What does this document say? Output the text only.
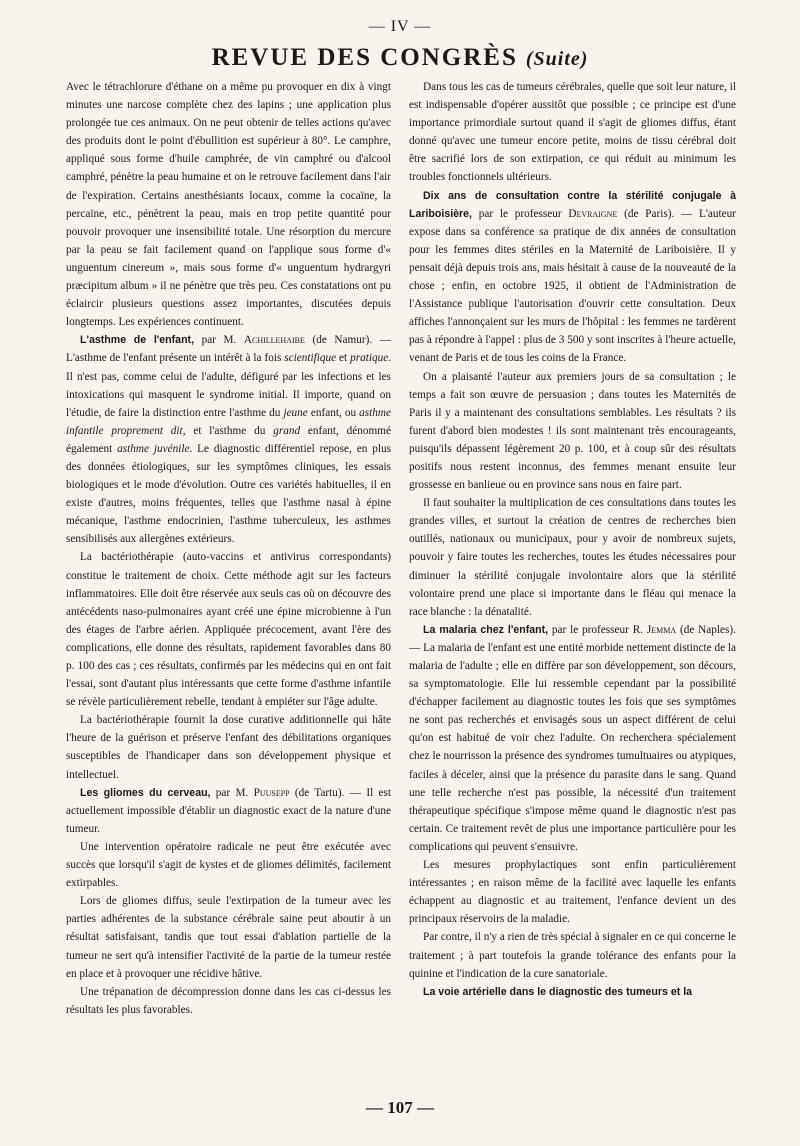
— IV —
REVUE DES CONGRÈS (Suite)

Avec le tétrachlorure d'éthane on a même pu provoquer en dix à vingt minutes une narcose complète chez des lapins ; une application plus prolongée tue ces animaux. On ne peut obtenir de telles actions qu'avec des produits dont le point d'ébullition est supérieur à 80°. Le camphre, appliqué sous forme d'huile camphrée, de vin camphré ou d'alcool camphré, pénètre la peau humaine et on le retrouve facilement dans l'air de l'expiration. Certains anesthésiants locaux, comme la cocaïne, la percaïne, etc., pénètrent la peau, mais en trop petite quantité pour pouvoir provoquer une insensibilité totale. Une résorption du mercure par la peau se fait facilement quand on l'applique sous forme d'« unguentum cinereum », mais sous forme d'« unguentum hydrargyri præcipitum album » il ne pénètre que très peu. Ces constatations ont pu éclaircir plusieurs questions assez importantes, discutées depuis longtemps. Les expériences continuent.

L'asthme de l'enfant, par M. Achillehaibe (de Namur). — L'asthme de l'enfant présente un intérêt à la fois scientifique et pratique. Il n'est pas, comme celui de l'adulte, défiguré par les infections et les intoxications qui masquent le syndrome initial. Il importe, quand on l'étudie, de faire la distinction entre l'asthme du jeune enfant, ou asthme infantile proprement dit, et l'asthme du grand enfant, dénommé également asthme juvénile. Le diagnostic différentiel repose, en plus des données étiologiques, sur les symptômes cliniques, les essais biologiques et le mode d'évolution. Outre ces variétés habituelles, il en existe d'autres, moins fréquentes, telles que l'asthme nasal à épine mécanique, l'asthme endocrinien, l'asthme tuberculeux, les asthmes sensibilisés aux allergènes extérieurs.

La bactériothérapie (auto-vaccins et antivirus correspondants) constitue le traitement de choix. Cette méthode agit sur les facteurs inflammatoires. Elle doit être réservée aux seuls cas où on découvre des antécédents naso-pulmonaires ayant créé une épine microbienne à l'un des étages de l'arbre aérien. Appliquée précocement, avant l'ère des complications, elle donne des résultats, rapidement favorables dans 80 p. 100 des cas ; ces résultats, confirmés par les médecins qui en ont fait l'essai, sont d'autant plus intéressants que cette forme d'asthme infantile se révèle particulièrement rebelle, tendant à empiéter sur l'âge adulte.

La bactériothérapie fournit la dose curative additionnelle qui hâte l'heure de la guérison et préserve l'enfant des débilitations organiques susceptibles de l'handicaper dans son développement physique et intellectuel.

Les gliomes du cerveau, par M. Puusepp (de Tartu). — Il est actuellement impossible d'établir un diagnostic exact de la nature d'une tumeur.

Une intervention opératoire radicale ne peut être exécutée avec succès que lorsqu'il s'agit de kystes et de gliomes délimités, facilement extirpables.

Lors de gliomes diffus, seule l'extirpation de la tumeur avec les parties adhérentes de la substance cérébrale saine peut aboutir à un résultat satisfaisant, tandis que tout essai d'ablation partielle de la tumeur ne sert qu'à intensifier l'activité de la partie de la tumeur restée en place et à provoquer une récidive hâtive.

Une trépanation de décompression donne dans les cas ci-dessus les résultats les plus favorables.

Dans tous les cas de tumeurs cérébrales, quelle que soit leur nature, il est indispensable d'opérer aussitôt que possible ; ce principe est d'une importance primordiale surtout quand il s'agit de gliomes diffus, étant donné qu'avec une tumeur encore petite, moins de tissu cérébral doit être sacrifié lors de son extirpation, ce qui réduit au minimum les troubles fonctionnels ultérieurs.

Dix ans de consultation contre la stérilité conjugale à Lariboisière, par le professeur Devraigne (de Paris). — L'auteur expose dans sa conférence sa pratique de dix années de consultation pour les femmes dites stériles en la Maternité de Lariboisière. Il y pensait déjà depuis trois ans, mais hésitait à cause de la nouveauté de la chose ; enfin, en octobre 1925, il obtient de l'Administration de l'Assistance publique l'autorisation d'ouvrir cette consultation. Deux affiches l'annonçaient sur les murs de l'hôpital : les femmes ne tardèrent pas à répondre à l'appel : plus de 3 500 y sont inscrites à l'heure actuelle, venant de Paris et de tous les coins de la France.

On a plaisanté l'auteur aux premiers jours de sa consultation ; le temps a fait son œuvre de persuasion ; dans toutes les Maternités de Paris il y a maintenant des consultations semblables. Les résultats ? ils furent d'abord bien modestes ! ils sont maintenant très encourageants, puisqu'ils dépassent légèrement 20 p. 100, et à coup sûr des résultats positifs nous restent inconnus, des femmes menant ensuite leur grossesse en banlieue ou en province sans nous en faire part.

Il faut souhaiter la multiplication de ces consultations dans toutes les grandes villes, et surtout la création de centres de recherches bien outillés, nationaux ou municipaux, pour y avoir de nombreux sujets, pouvoir y faire toutes les recherches, toutes les études nécessaires pour diminuer la stérilité conjugale involontaire alors que la stérilité volontaire prend une place si importante dans le fléau qui menace la race blanche : la dénatalité.

La malaria chez l'enfant, par le professeur R. Jemma (de Naples). — La malaria de l'enfant est une entité morbide nettement distincte de la malaria de l'adulte ; elle en diffère par son développement, son décours, sa symptomatologie. Elle lui ressemble cependant par la possibilité d'échapper facilement au diagnostic toutes les fois que ses symptômes ne sont pas recherchés et envisagés sous un aspect différent de celui qu'on est habitué de voir chez l'adulte. On recherchera spécialement chez le nourrisson la présence des syndromes tumultuaires ou atypiques, faciles à déceler, ainsi que la présence du parasite dans le sang. Quand une telle recherche n'est pas possible, la nécessité d'un traitement thérapeutique spécifique s'impose même quand le diagnostic n'est pas certain. Ce traitement revêt de plus une importance particulière pour les complications qui peuvent s'ensuivre.

Les mesures prophylactiques sont enfin particulièrement intéressantes ; en raison même de la facilité avec laquelle les enfants échappent au diagnostic et au traitement, l'enfance devient un des principaux réservoirs de la maladie.

Par contre, il n'y a rien de très spécial à signaler en ce qui concerne le traitement ; à part toutefois la grande tolérance des enfants pour la quinine et l'indication de la cure sanatoriale.

La voie artérielle dans le diagnostic des tumeurs et la

— 107 —
